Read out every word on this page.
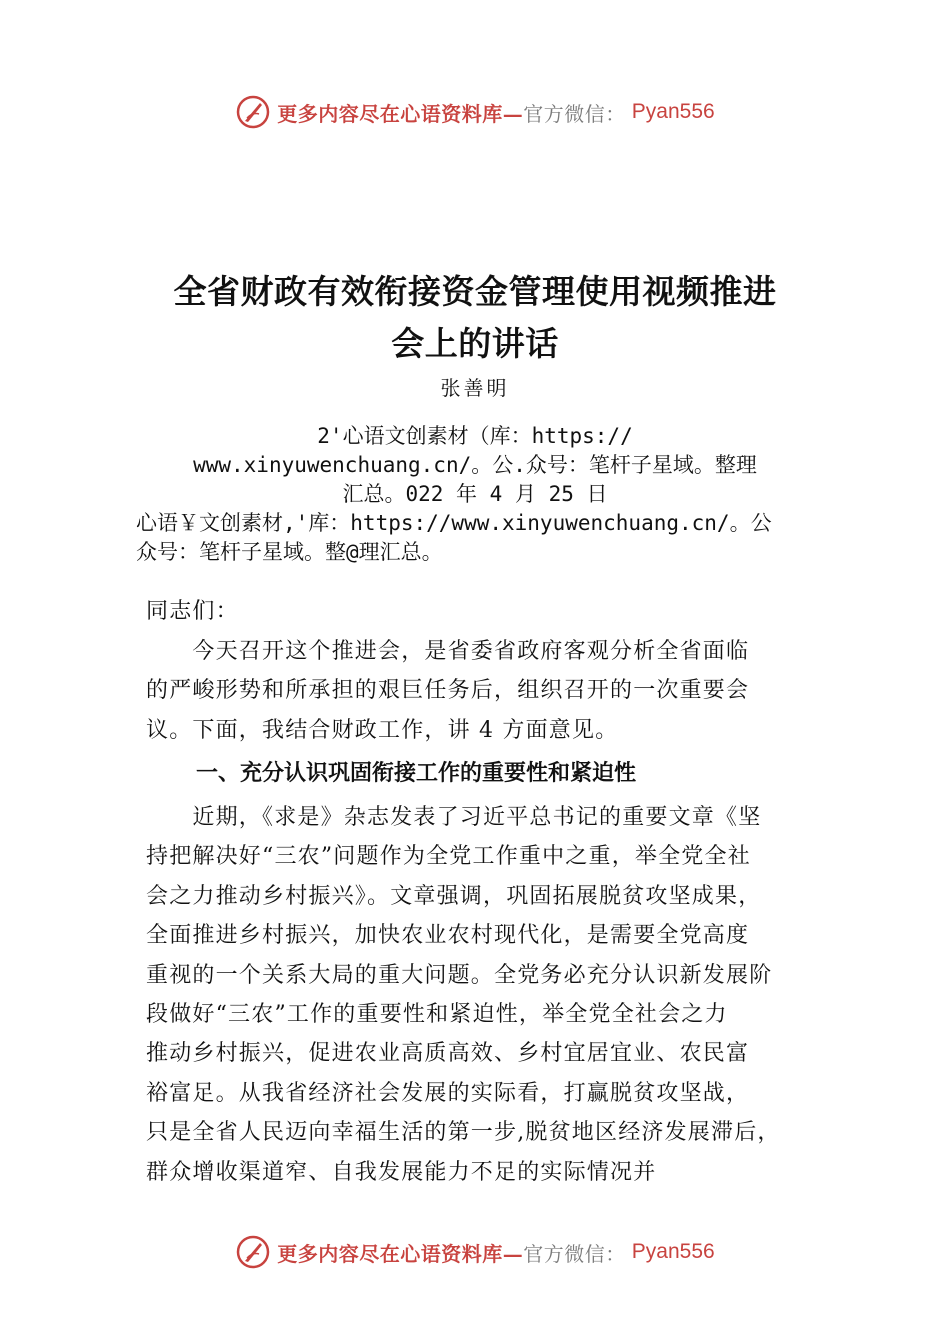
更多内容尽在心语资料库—官方微信： Pyan556
全省财政有效衔接资金管理使用视频推进
会上的讲话
张善明
2'心语文创素材（库：https://
www.xinyuwenchuang.cn/。公.众号：笔杆子星域。整理
汇总。022 年 4 月 25 日
心语￥文创素材,'库：https://www.xinyuwenchuang.cn/。公
众号：笔杆子星域。整@理汇总。
同志们：
　　今天召开这个推进会，是省委省政府客观分析全省面临
的严峻形势和所承担的艰巨任务后，组织召开的一次重要会
议。下面，我结合财政工作，讲 4 方面意见。
一、充分认识巩固衔接工作的重要性和紧迫性
　　近期，《求是》杂志发表了习近平总书记的重要文章《坚
持把解决好“三农”问题作为全党工作重中之重，举全党全社
会之力推动乡村振兴》。文章强调，巩固拓展脱贫攻坚成果，
全面推进乡村振兴，加快农业农村现代化，是需要全党高度
重视的一个关系大局的重大问题。全党务必充分认识新发展阶
段做好“三农”工作的重要性和紧迫性，举全党全社会之力
推动乡村振兴，促进农业高质高效、乡村宜居宜业、农民富
裕富足。从我省经济社会发展的实际看，打赢脱贫攻坚战，
只是全省人民迈向幸福生活的第一步,脱贫地区经济发展滞后，
群众增收渠道窄、自我发展能力不足的实际情况并
更多内容尽在心语资料库—官方微信： Pyan556
